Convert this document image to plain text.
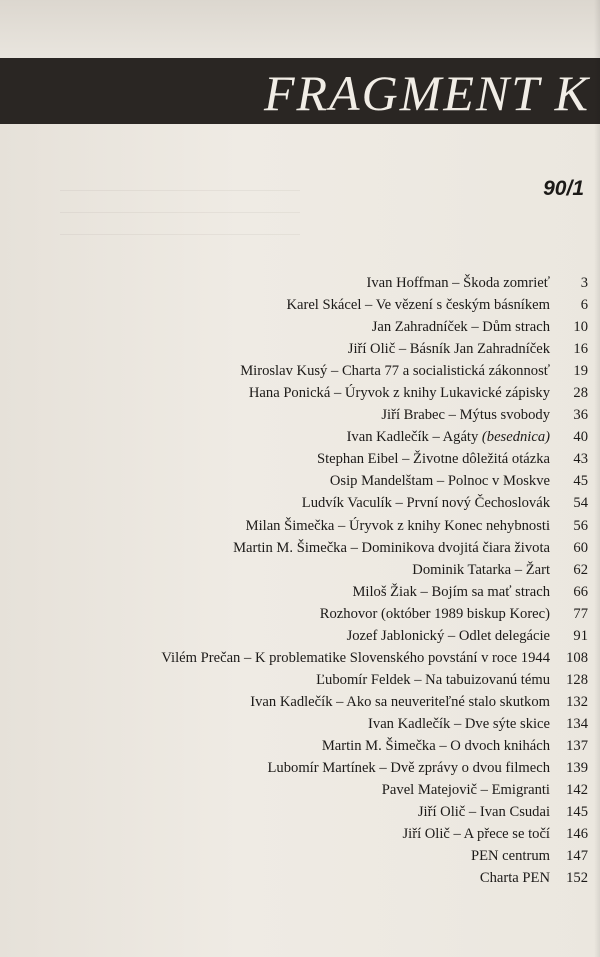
FRAGMENT K
90/1
Ivan Hoffman – Škoda zomrieť	3
Karel Skácel – Ve vězení s českým básníkem	6
Jan Zahradníček – Dům strach	10
Jiří Olič – Básník Jan Zahradníček	16
Miroslav Kusý – Charta 77 a socialistická zákonnosť	19
Hana Ponická – Úryvok z knihy Lukavické zápisky	28
Jiří Brabec – Mýtus svobody	36
Ivan Kadlečík – Agáty (besednica)	40
Stephan Eibel – Životne dôležitá otázka	43
Osip Mandelštam – Polnoc v Moskve	45
Ludvík Vaculík – První nový Čechoslovák	54
Milan Šimečka – Úryvok z knihy Konec nehybnosti	56
Martin M. Šimečka – Dominikova dvojitá čiara života	60
Dominik Tatarka – Žart	62
Miloš Žiak – Bojím sa mať strach	66
Rozhovor (október 1989 biskup Korec)	77
Jozef Jablonický – Odlet delegácie	91
Vilém Prečan – K problematike Slovenského povstání v roce 1944	108
Ľubomír Feldek – Na tabuizovanú tému	128
Ivan Kadlečík – Ako sa neuveriteľné stalo skutkom	132
Ivan Kadlečík – Dve sýte skice	134
Martin M. Šimečka – O dvoch knihách	137
Lubomír Martínek – Dvě zprávy o dvou filmech	139
Pavel Matejovič – Emigranti	142
Jiří Olič – Ivan Csudai	145
Jiří Olič – A přece se točí	146
PEN centrum	147
Charta PEN	152
